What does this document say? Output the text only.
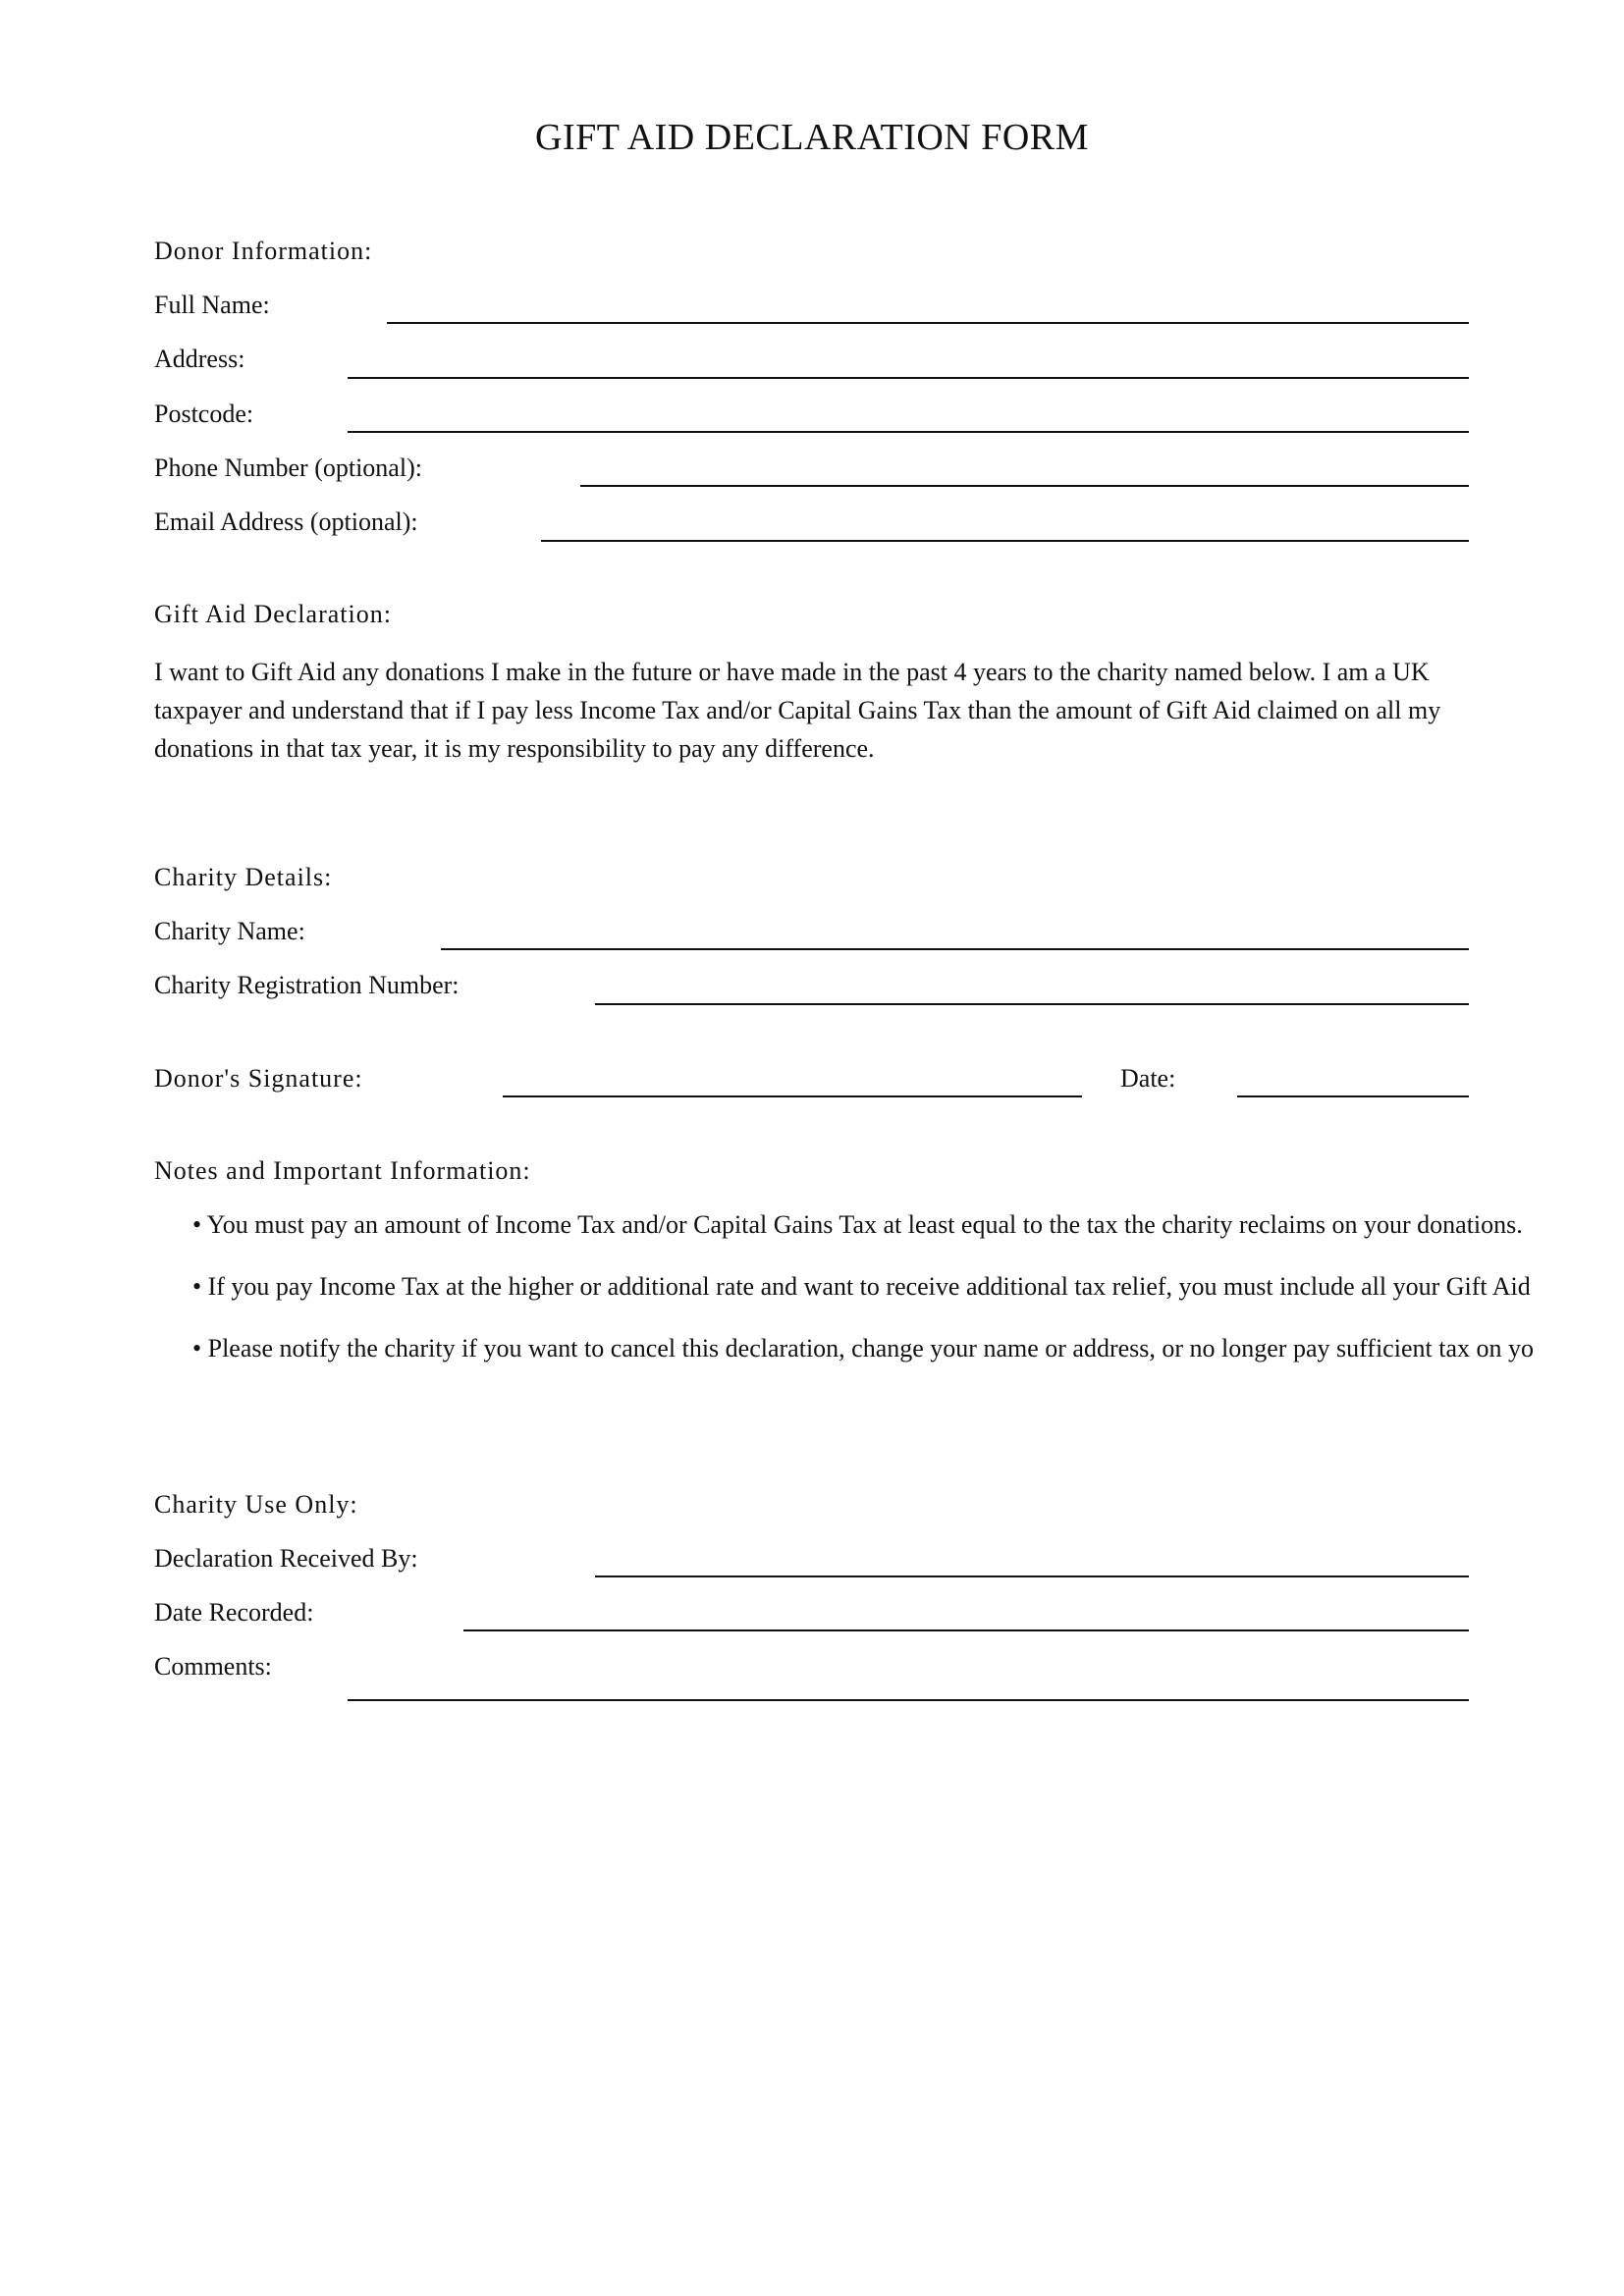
GIFT AID DECLARATION FORM
Donor Information:
Full Name:
Address:
Postcode:
Phone Number (optional):
Email Address (optional):
Gift Aid Declaration:
I want to Gift Aid any donations I make in the future or have made in the past 4 years to the charity named below. I am a UK taxpayer and understand that if I pay less Income Tax and/or Capital Gains Tax than the amount of Gift Aid claimed on all my donations in that tax year, it is my responsibility to pay any difference.
Charity Details:
Charity Name:
Charity Registration Number:
Donor's Signature:	Date:
Notes and Important Information:
• You must pay an amount of Income Tax and/or Capital Gains Tax at least equal to the tax the charity reclaims on your donations.
• If you pay Income Tax at the higher or additional rate and want to receive additional tax relief, you must include all your Gift Aid
• Please notify the charity if you want to cancel this declaration, change your name or address, or no longer pay sufficient tax on yo
Charity Use Only:
Declaration Received By:
Date Recorded:
Comments:
